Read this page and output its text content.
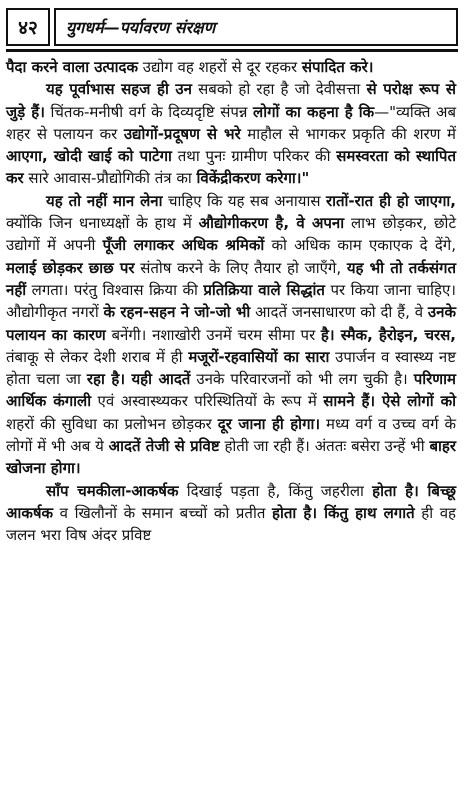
४२	युगधर्म—पर्यावरण संरक्षण

पैदा करने वाला उत्पादक उद्योग वह शहरों से दूर रहकर संपादित करे।

यह पूर्वाभास सहज ही उन सबको हो रहा है जो देवीसत्ता से परोक्ष रूप से जुड़े हैं। चिंतक-मनीषी वर्ग के दिव्यदृष्टि संपन्न लोगों का कहना है कि—"व्यक्ति अब शहर से पलायन कर उद्योगों-प्रदूषण से भरे माहौल से भागकर प्रकृति की शरण में आएगा, खोदी खाई को पाटेगा तथा पुनः ग्रामीण परिकर की समस्वरता को स्थापित कर सारे आवास-प्रौद्योगिकी तंत्र का विकेंद्रीकरण करेगा।"

यह तो नहीं मान लेना चाहिए कि यह सब अनायास रातों-रात ही हो जाएगा, क्योंकि जिन धनाध्यक्षों के हाथ में औद्योगीकरण है, वे अपना लाभ छोड़कर, छोटे उद्योगों में अपनी पूँजी लगाकर अधिक श्रमिकों को अधिक काम एकाएक दे देंगे, मलाई छोड़कर छाछ पर संतोष करने के लिए तैयार हो जाएँगे, यह भी तो तर्कसंगत नहीं लगता। परंतु विश्वास क्रिया की प्रतिक्रिया वाले सिद्धांत पर किया जाना चाहिए। औद्योगीकृत नगरों के रहन-सहन ने जो-जो भी आदतें जनसाधारण को दी हैं, वे उनके पलायन का कारण बनेंगी। नशाखोरी उनमें चरम सीमा पर है। स्मैक, हैरोइन, चरस, तंबाकू से लेकर देशी शराब में ही मजूरों-रहवासियों का सारा उपार्जन व स्वास्थ्य नष्ट होता चला जा रहा है। यही आदतें उनके परिवारजनों को भी लग चुकी है। परिणाम आर्थिक कंगाली एवं अस्वास्थ्यकर परिस्थितियों के रूप में सामने हैं। ऐसे लोगों को शहरों की सुविधा का प्रलोभन छोड़कर दूर जाना ही होगा। मध्य वर्ग व उच्च वर्ग के लोगों में भी अब ये आदतें तेजी से प्रविष्ट होती जा रही हैं। अंततः बसेरा उन्हें भी बाहर खोजना होगा।

साँप चमकीला-आकर्षक दिखाई पड़ता है, किंतु जहरीला होता है। बिच्छू आकर्षक व खिलौनों के समान बच्चों को प्रतीत होता है। किंतु हाथ लगाते ही वह जलन भरा विष अंदर प्रविष्ट
